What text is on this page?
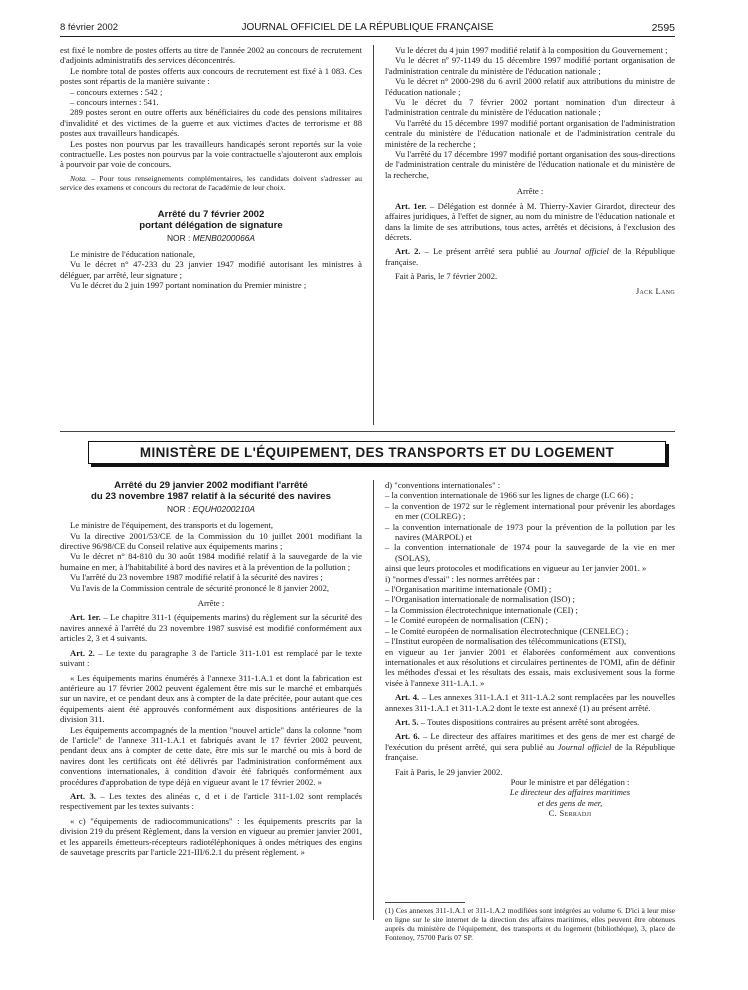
8 février 2002	JOURNAL OFFICIEL DE LA RÉPUBLIQUE FRANÇAISE	2595

est fixé le nombre de postes offerts au titre de l'année 2002 au concours de recrutement d'adjoints administratifs des services déconcentrés.

Le nombre total de postes offerts aux concours de recrutement est fixé à 1 083. Ces postes sont répartis de la manière suivante :

– concours externes : 542 ;

– concours internes : 541.

289 postes seront en outre offerts aux bénéficiaires du code des pensions militaires d'invalidité et des victimes de la guerre et aux victimes d'actes de terrorisme et 88 postes aux travailleurs handicapés.

Les postes non pourvus par les travailleurs handicapés seront reportés sur la voie contractuelle. Les postes non pourvus par la voie contractuelle s'ajouteront aux emplois à pourvoir par voie de concours.

Nota. – Pour tous renseignements complémentaires, les candidats doivent s'adresser au service des examens et concours du rectorat de l'académie de leur choix.

Arrêté du 7 février 2002

portant délégation de signature

NOR : MENB0200066A

Le ministre de l'éducation nationale,

Vu le décret n° 47-233 du 23 janvier 1947 modifié autorisant les ministres à déléguer, par arrêté, leur signature ;

Vu le décret du 2 juin 1997 portant nomination du Premier ministre ;

Vu le décret du 4 juin 1997 modifié relatif à la composition du Gouvernement ;

Vu le décret nº 97-1149 du 15 décembre 1997 modifié portant organisation de l'administration centrale du ministère de l'éducation nationale ;

Vu le décret n° 2000-298 du 6 avril 2000 relatif aux attributions du ministre de l'éducation nationale ;

Vu le décret du 7 février 2002 portant nomination d'un directeur à l'administration centrale du ministère de l'éducation nationale ;

Vu l'arrêté du 15 décembre 1997 modifié portant organisation de l'administration centrale du ministère de l'éducation nationale et de l'administration centrale du ministère de la recherche ;

Vu l'arrêté du 17 décembre 1997 modifié portant organisation des sous-directions de l'administration centrale du ministère de l'éducation nationale et du ministère de la recherche,

Arrête :

Art. 1er. – Délégation est donnée à M. Thierry-Xavier Girardot, directeur des affaires juridiques, à l'effet de signer, au nom du ministre de l'éducation nationale et dans la limite de ses attributions, tous actes, arrêtés et décisions, à l'exclusion des décrets.

Art. 2. – Le présent arrêté sera publié au Journal officiel de la République française.

Fait à Paris, le 7 février 2002.

Jack Lang

MINISTÈRE DE L'ÉQUIPEMENT, DES TRANSPORTS ET DU LOGEMENT

Arrêté du 29 janvier 2002 modifiant l'arrêté

du 23 novembre 1987 relatif à la sécurité des navires

NOR : EQUH0200210A

Le ministre de l'équipement, des transports et du logement,

Vu la directive 2001/53/CE de la Commission du 10 juillet 2001 modifiant la directive 96/98/CE du Conseil relative aux équipements marins ;

Vu le décret n° 84-810 du 30 août 1984 modifié relatif à la sauvegarde de la vie humaine en mer, à l'habitabilité à bord des navires et à la prévention de la pollution ;

Vu l'arrêté du 23 novembre 1987 modifié relatif à la sécurité des navires ;

Vu l'avis de la Commission centrale de sécurité prononcé le 8 janvier 2002,

Arrête :

Art. 1er. – Le chapitre 311-1 (équipements marins) du règlement sur la sécurité des navires annexé à l'arrêté du 23 novembre 1987 susvisé est modifié conformément aux articles 2, 3 et 4 suivants.

Art. 2. – Le texte du paragraphe 3 de l'article 311-1.01 est remplacé par le texte suivant :

« Les équipements marins énumérés à l'annexe 311-1.A.1 et dont la fabrication est antérieure au 17 février 2002 peuvent également être mis sur le marché et embarqués sur un navire, et ce pendant deux ans à compter de la date précitée, pour autant que ces équipements aient été approuvés conformément aux dispositions antérieures de la division 311.

Les équipements accompagnés de la mention "nouvel article" dans la colonne "nom de l'article" de l'annexe 311-1.A.1 et fabriqués avant le 17 février 2002 peuvent, pendant deux ans à compter de cette date, être mis sur le marché ou mis à bord de navires dont les certificats ont été délivrés par l'administration conformément aux conventions internationales, à condition d'avoir été fabriqués conformément aux procédures d'approbation de type déjà en vigueur avant le 17 février 2002. »

Art. 3. – Les textes des alinéas c, d et i de l'article 311-1.02 sont remplacés respectivement par les textes suivants :

« c) "équipements de radiocommunications" : les équipements prescrits par la division 219 du présent Règlement, dans la version en vigueur au premier janvier 2001, et les appareils émetteurs-récepteurs radiotéléphoniques à ondes métriques des engins de sauvetage prescrits par l'article 221-III/6.2.1 du présent règlement. »

d) "conventions internationales" :

– la convention internationale de 1966 sur les lignes de charge (LC 66) ;
– la convention de 1972 sur le règlement international pour prévenir les abordages en mer (COLREG) ;
– la convention internationale de 1973 pour la prévention de la pollution par les navires (MARPOL) et
– la convention internationale de 1974 pour la sauvegarde de la vie en mer (SOLAS),

ainsi que leurs protocoles et modifications en vigueur au 1er janvier 2001. »

i) "normes d'essai" : les normes arrêtées par :

– l'Organisation maritime internationale (OMI) ;
– l'Organisation internationale de normalisation (ISO) ;
– la Commission électrotechnique internationale (CEI) ;
– le Comité européen de normalisation (CEN) ;
– le Comité européen de normalisation électrotechnique (CENELEC) ;
– l'Institut européen de normalisation des télécommunications (ETSI),

en vigueur au 1er janvier 2001 et élaborées conformément aux conventions internationales et aux résolutions et circulaires pertinentes de l'OMI, afin de définir les méthodes d'essai et les résultats des essais, mais exclusivement sous la forme visée à l'annexe 311-1.A.1. »

Art. 4. – Les annexes 311-1.A.1 et 311-1.A.2 sont remplacées par les nouvelles annexes 311-1.A.1 et 311-1.A.2 dont le texte est annexé (1) au présent arrêté.

Art. 5. – Toutes dispositions contraires au présent arrêté sont abrogées.

Art. 6. – Le directeur des affaires maritimes et des gens de mer est chargé de l'exécution du présent arrêté, qui sera publié au Journal officiel de la République française.

Fait à Paris, le 29 janvier 2002.

Pour le ministre et par délégation :

Le directeur des affaires maritimes

et des gens de mer,

C. Serradji

(1) Ces annexes 311-1.A.1 et 311-1.A.2 modifiées sont intégrées au volume 6. D'ici à leur mise en ligne sur le site internet de la direction des affaires maritimes, elles peuvent être obtenues auprès du ministère de l'équipement, des transports et du logement (bibliothèque), 3, place de Fontenoy, 75700 Paris 07 SP.
